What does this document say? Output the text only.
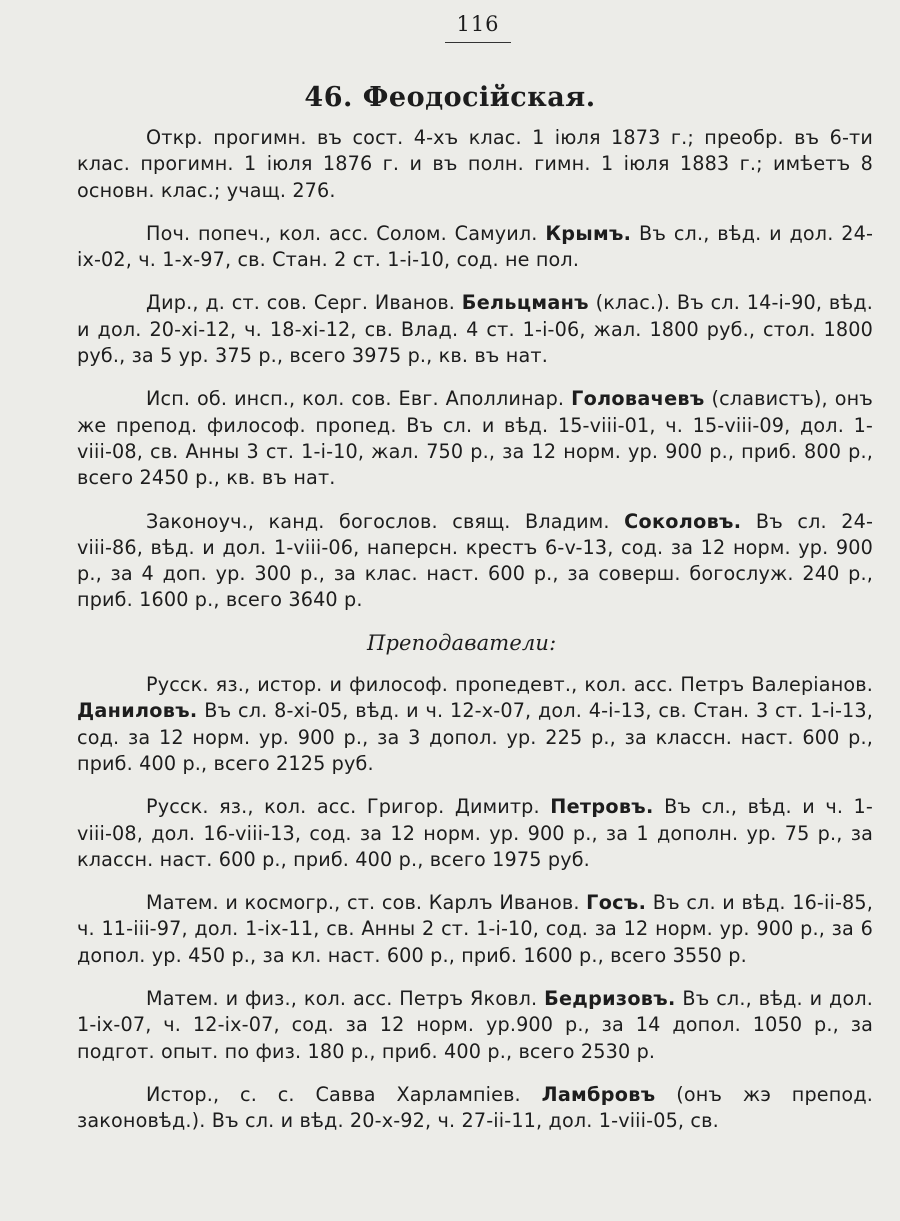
116
46. Феодосійская.

Откр. прогимн. въ сост. 4-хъ клас. 1 іюля 1873 г.; преобр. въ 6-ти клас. прогимн. 1 іюля 1876 г. и въ полн. гимн. 1 іюля 1883 г.; имѣетъ 8 основн. клас.; учащ. 276.

Поч. попеч., кол. асс. Солом. Самуил. Крымъ. Въ сл., вѣд. и дол. 24-іх-02, ч. 1-х-97, св. Стан. 2 ст. 1-і-10, сод. не пол.

Дир., д. ст. сов. Серг. Иванов. Бельцманъ (клас.). Въ сл. 14-і-90, вѣд. и дол. 20-хі-12, ч. 18-хі-12, св. Влад. 4 ст. 1-і-06, жал. 1800 руб., стол. 1800 руб., за 5 ур. 375 р., всего 3975 р., кв. въ нат.

Исп. об. инсп., кол. сов. Евг. Аполлинар. Головачевъ (славистъ), онъ же препод. философ. пропед. Въ сл. и вѣд. 15-vііі-01, ч. 15-vііі-09, дол. 1-vііі-08, св. Анны 3 ст. 1-і-10, жал. 750 р., за 12 норм. ур. 900 р., приб. 800 р., всего 2450 р., кв. въ нат.

Законоуч., канд. богослов. свящ. Владим. Соколовъ. Въ сл. 24-vііі-86, вѣд. и дол. 1-vііі-06, наперсн. крестъ 6-v-13, сод. за 12 норм. ур. 900 р., за 4 доп. ур. 300 р., за клас. наст. 600 р., за соверш. богослуж. 240 р., приб. 1600 р., всего 3640 р.

Преподаватели:

Русск. яз., истор. и философ. пропедевт., кол. асс. Петръ Валеріанов. Даниловъ. Въ сл. 8-хі-05, вѣд. и ч. 12-х-07, дол. 4-і-13, св. Стан. 3 ст. 1-і-13, сод. за 12 норм. ур. 900 р., за 3 допол. ур. 225 р., за классн. наст. 600 р., приб. 400 р., всего 2125 руб.

Русск. яз., кол. асс. Григор. Димитр. Петровъ. Въ сл., вѣд. и ч. 1-vііі-08, дол. 16-vііі-13, сод. за 12 норм. ур. 900 р., за 1 дополн. ур. 75 р., за классн. наст. 600 р., приб. 400 р., всего 1975 руб.

Матем. и космогр., ст. сов. Карлъ Иванов. Госъ. Въ сл. и вѣд. 16-іі-85, ч. 11-ііі-97, дол. 1-іх-11, св. Анны 2 ст. 1-і-10, сод. за 12 норм. ур. 900 р., за 6 допол. ур. 450 р., за кл. наст. 600 р., приб. 1600 р., всего 3550 р.

Матем. и физ., кол. асс. Петръ Яковл. Бедризовъ. Въ сл., вѣд. и дол. 1-іх-07, ч. 12-іх-07, сод. за 12 норм. ур.900 р., за 14 допол. 1050 р., за подгот. опыт. по физ. 180 р., приб. 400 р., всего 2530 р.

Истор., с. с. Савва Харлампіев. Ламбровъ (онъ жэ препод. законовѣд.). Въ сл. и вѣд. 20-х-92, ч. 27-іі-11, дол. 1-vііі-05, св.
